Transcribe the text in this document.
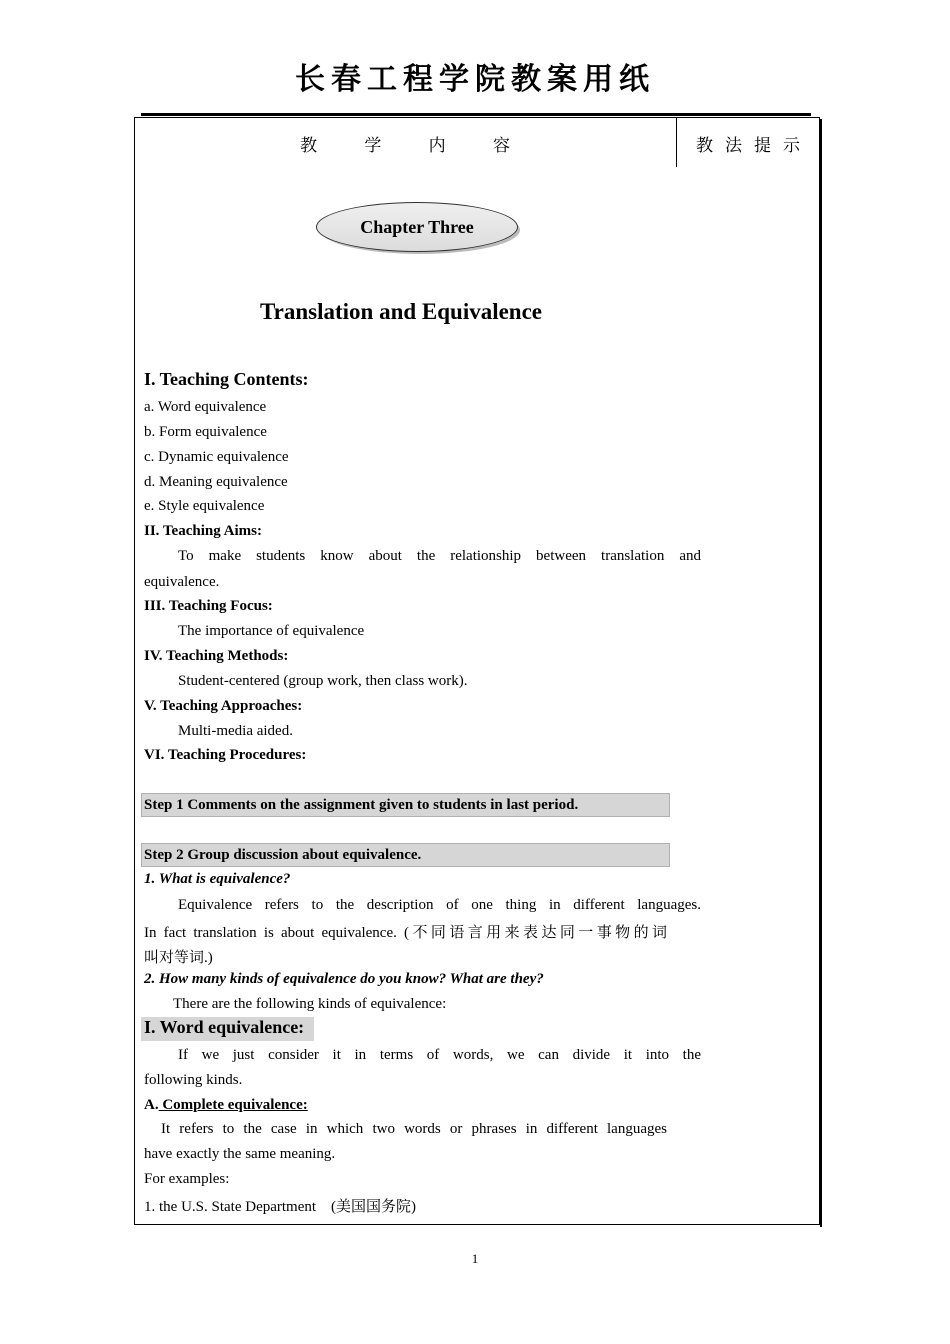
长春工程学院教案用纸
教	学	内	容	教 法 提 示
Chapter Three
Translation and Equivalence
I. Teaching Contents:
a. Word equivalence
b. Form equivalence
c. Dynamic equivalence
d. Meaning equivalence
e. Style equivalence
II. Teaching Aims:
To make students know about the relationship between translation and
equivalence.
III. Teaching Focus:
The importance of equivalence
IV. Teaching Methods:
Student-centered (group work, then class work).
V. Teaching Approaches:
Multi-media aided.
VI. Teaching Procedures:
Step 1 Comments on the assignment given to students in last period.
Step 2 Group discussion about equivalence.
1. What is equivalence?
Equivalence refers to the description of one thing in different languages.
In fact translation is about equivalence. (不同语言用来表达同一事物的词
叫对等词.)
2. How many kinds of equivalence do you know? What are they?
There are the following kinds of equivalence:
I. Word equivalence:
If we just consider it in terms of words, we can divide it into the
following kinds.
A. Complete equivalence:
It refers to the case in which two words or phrases in different languages
have exactly the same meaning.
For examples:
1. the U.S. State Department　(美国国务院)
1
